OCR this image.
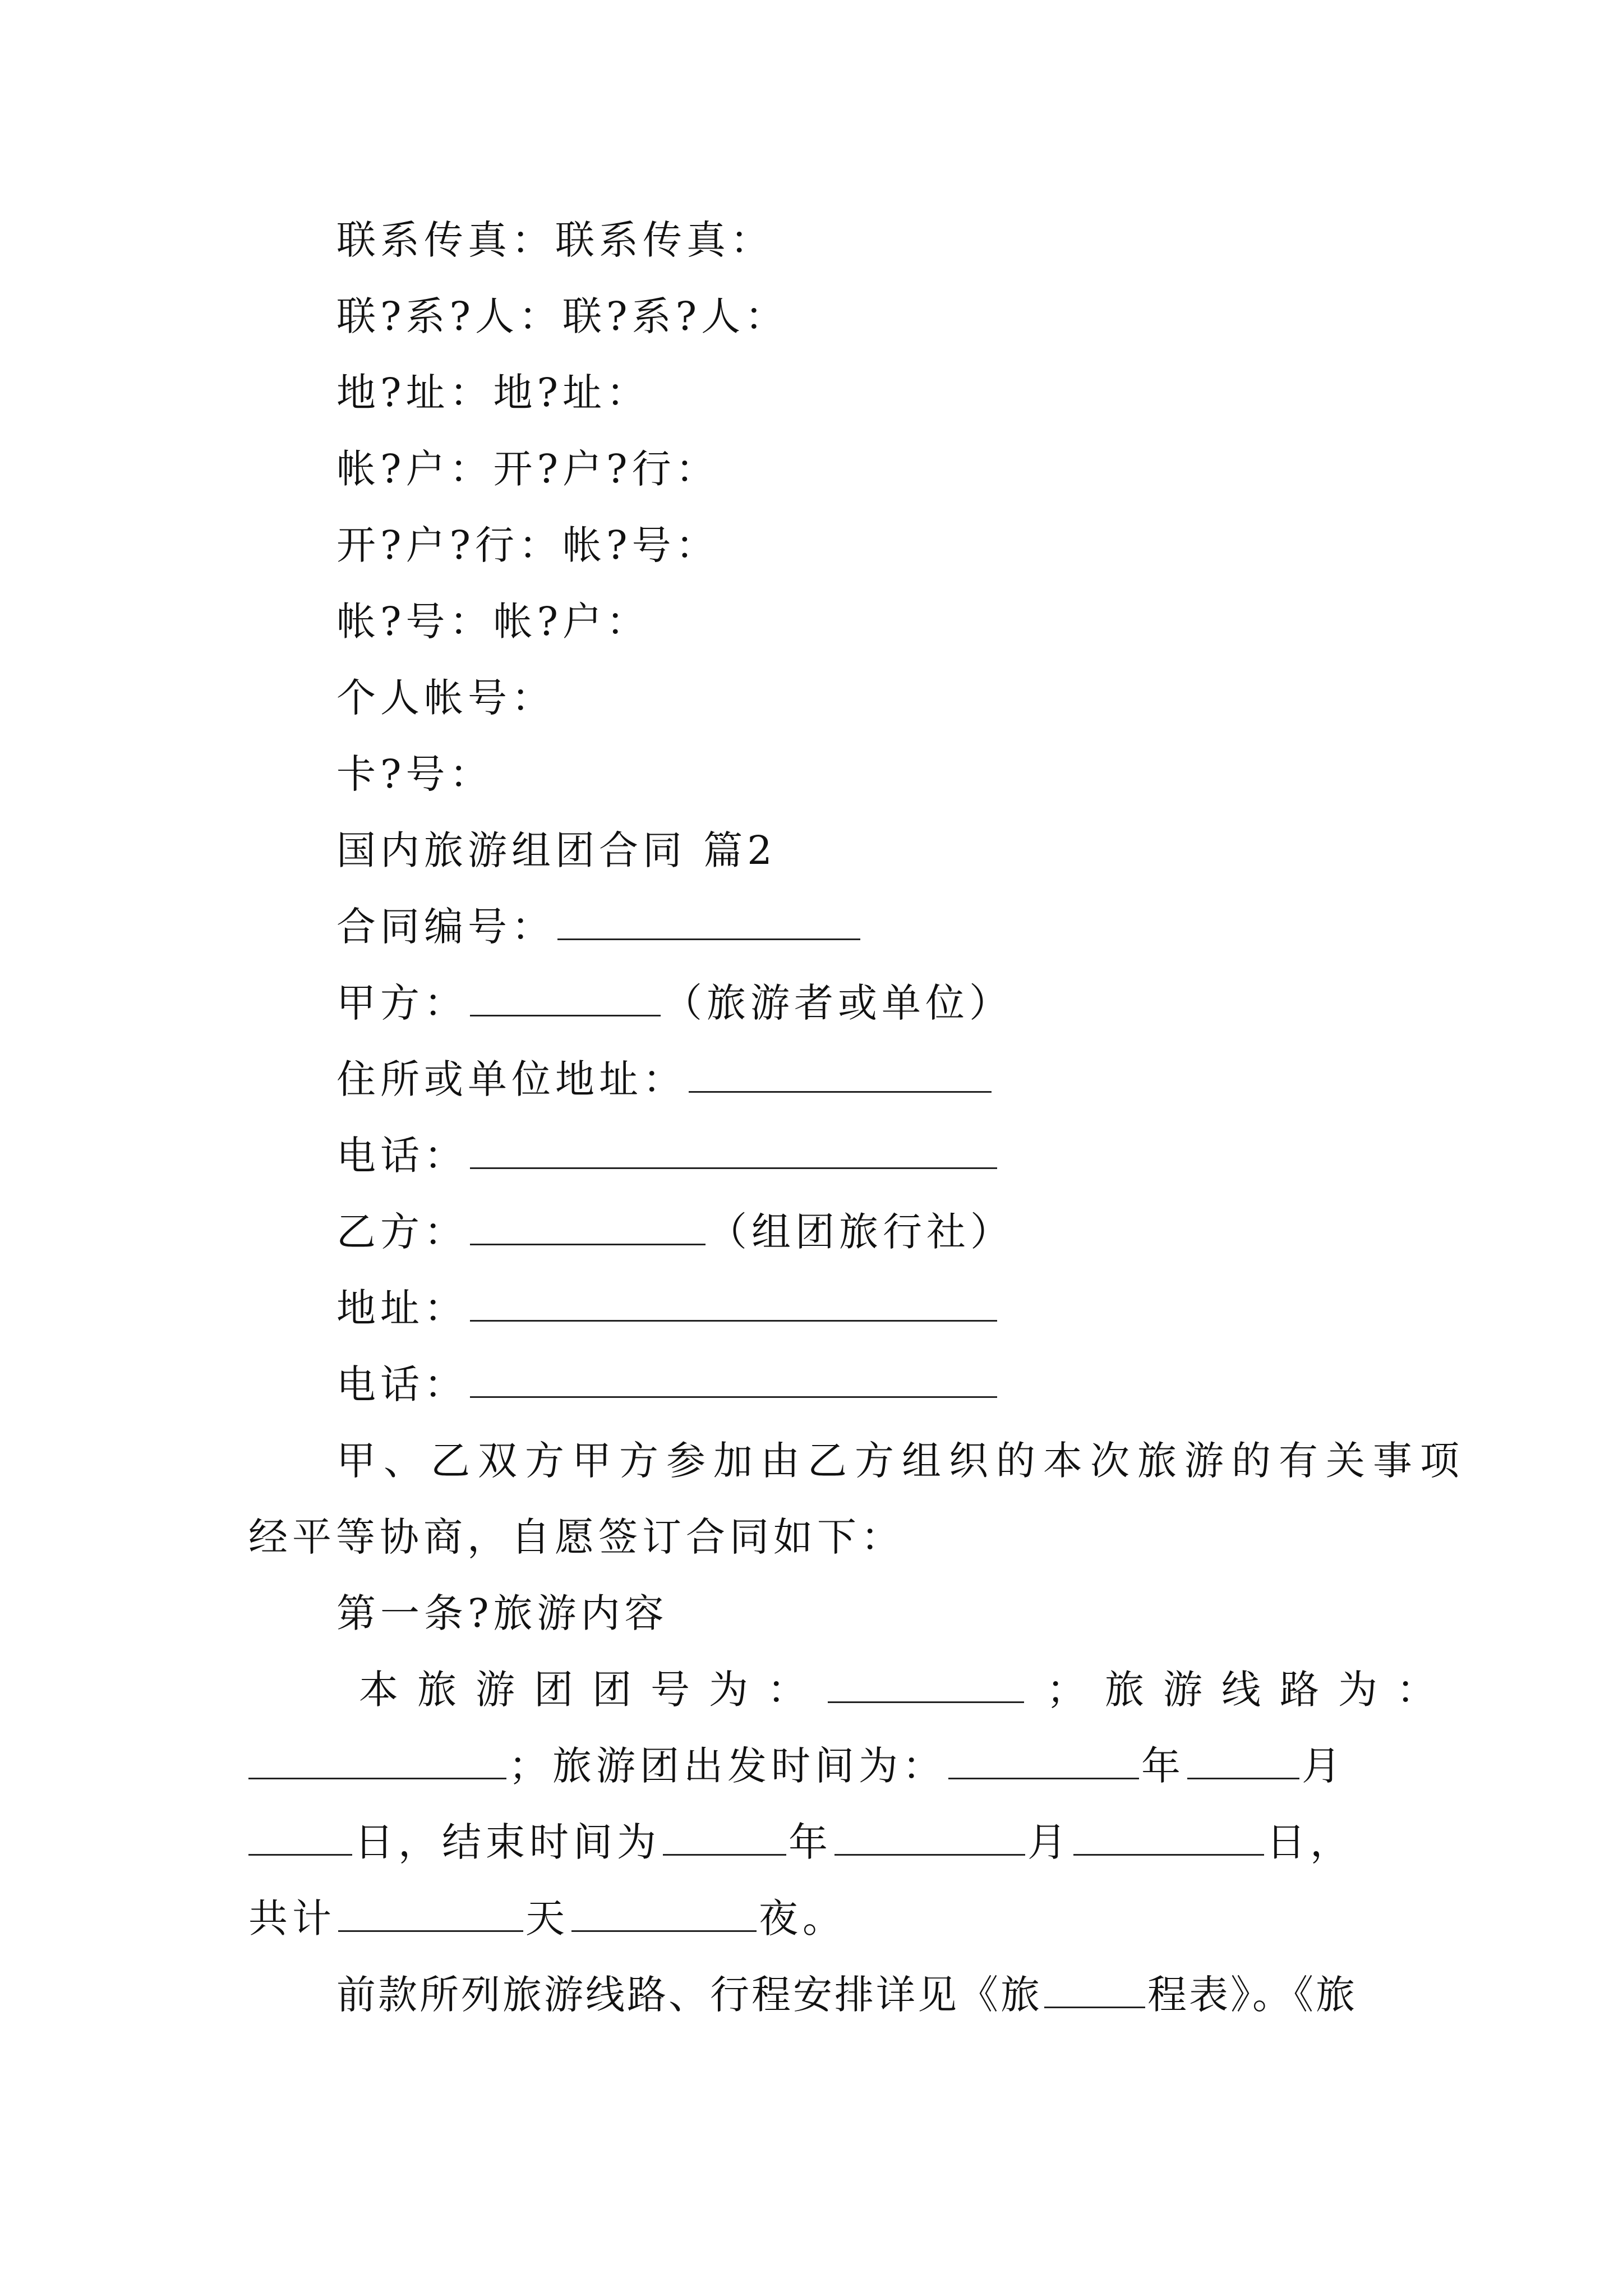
联系传真：联系传真：
联?系?人：联?系?人：
地?址：地?址：
帐?户：开?户?行：
开?户?行：帐?号：
帐?号：帐?户：
个人帐号：
卡?号：
国内旅游组团合同 篇2
合同编号：
甲方：	（旅游者或单位）
住所或单位地址：
电话：
乙方：	（组团旅行社）
地址：
电话：
甲、乙双方甲方参加由乙方组织的本次旅游的有关事项
经平等协商，自愿签订合同如下：
第一条?旅游内容
本旅游团团号为：	；旅游线路为：
；旅游团出发时间为：	年	月
日，结束时间为	年	月	日，
共计	天	夜。
前款所列旅游线路、行程安排详见《旅	程表》。《旅
